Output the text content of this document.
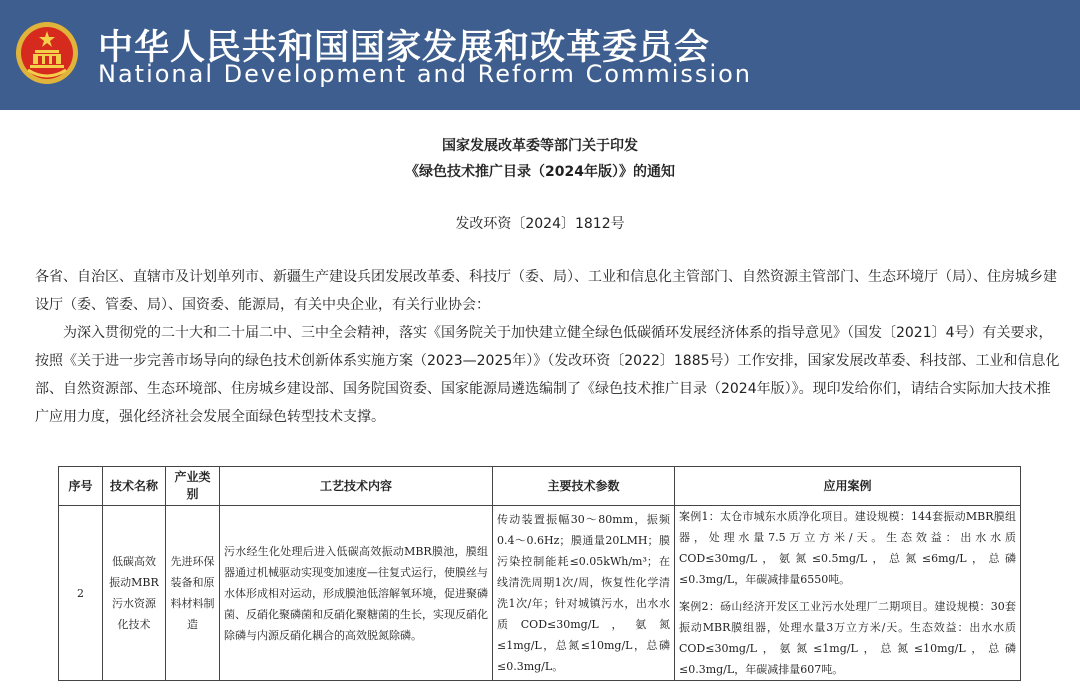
中华人民共和国国家发展和改革委员会
National Development and Reform Commission
国家发展改革委等部门关于印发
《绿色技术推广目录（2024年版）》的通知
发改环资〔2024〕1812号

各省、自治区、直辖市及计划单列市、新疆生产建设兵团发展改革委、科技厅（委、局）、工业和信息化主管部门、自然资源主管部门、生态环境厅（局）、住房城乡建设厅（委、管委、局）、国资委、能源局，有关中央企业，有关行业协会：

为深入贯彻党的二十大和二十届二中、三中全会精神，落实《国务院关于加快建立健全绿色低碳循环发展经济体系的指导意见》（国发〔2021〕4号）有关要求，按照《关于进一步完善市场导向的绿色技术创新体系实施方案（2023—2025年）》（发改环资〔2022〕1885号）工作安排，国家发展改革委、科技部、工业和信息化部、自然资源部、生态环境部、住房城乡建设部、国务院国资委、国家能源局遴选编制了《绿色技术推广目录（2024年版）》。现印发给你们，请结合实际加大技术推广应用力度，强化经济社会发展全面绿色转型技术支撑。

序号	技术名称	产业类别	工艺技术内容	主要技术参数	应用案例
2	低碳高效振动MBR污水资源化技术	先进环保装备和原料材料制造	污水经生化处理后进入低碳高效振动MBR膜池，膜组器通过机械驱动实现变加速度—往复式运行，使膜丝与水体形成相对运动，形成膜池低溶解氧环境，促进聚磷菌、反硝化聚磷菌和反硝化聚糖菌的生长，实现反硝化除磷与内源反硝化耦合的高效脱氮除磷。	传动装置振幅30～80mm，振频0.4～0.6Hz；膜通量20LMH；膜污染控制能耗≤0.05kWh/m³；在线清洗周期1次/周，恢复性化学清洗1次/年；针对城镇污水，出水水质COD≤30mg/L，氨氮≤1mg/L，总氮≤10mg/L，总磷≤0.3mg/L。	案例1：太仓市城东水质净化项目。建设规模：144套振动MBR膜组器，处理水量7.5万立方米/天。生态效益：出水水质COD≤30mg/L，氨氮≤0.5mg/L，总氮≤6mg/L，总磷≤0.3mg/L，年碳减排量6550吨。
案例2：砀山经济开发区工业污水处理厂二期项目。建设规模：30套振动MBR膜组器，处理水量3万立方米/天。生态效益：出水水质COD≤30mg/L，氨氮≤1mg/L，总氮≤10mg/L，总磷≤0.3mg/L，年碳减排量607吨。
